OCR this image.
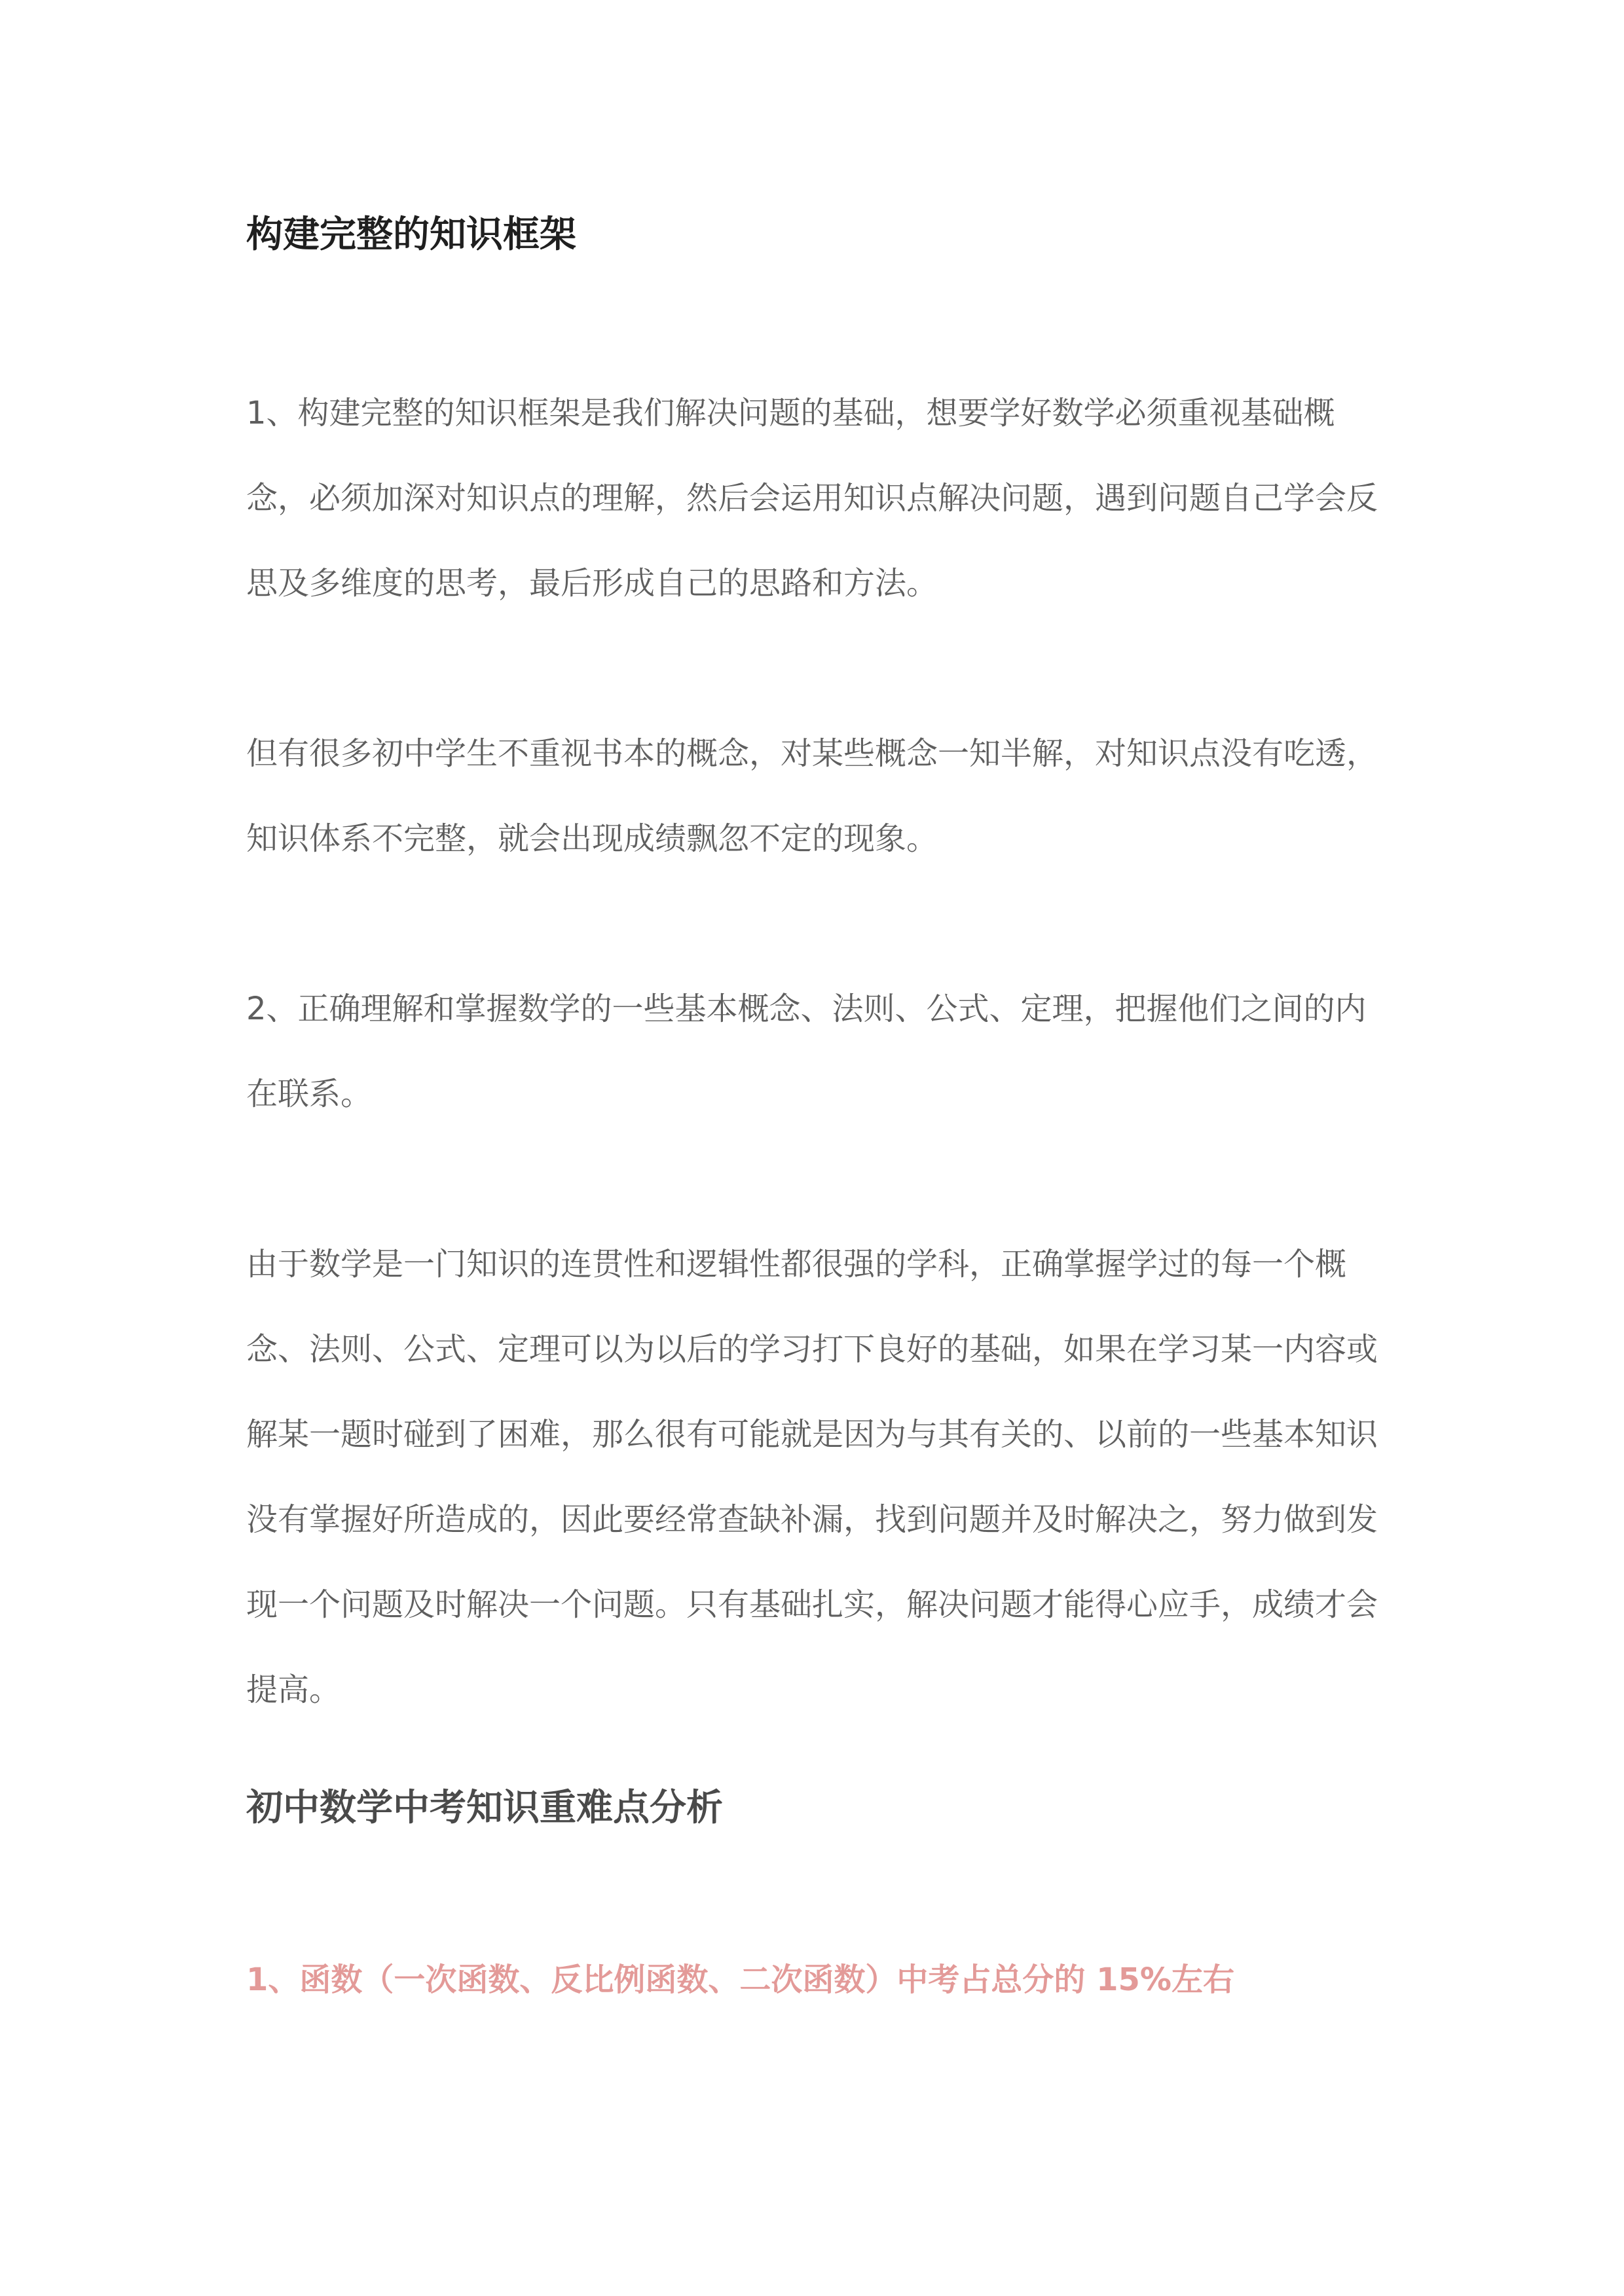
构建完整的知识框架

1、构建完整的知识框架是我们解决问题的基础，想要学好数学必须重视基础概念，必须加深对知识点的理解，然后会运用知识点解决问题，遇到问题自己学会反思及多维度的思考，最后形成自己的思路和方法。

但有很多初中学生不重视书本的概念，对某些概念一知半解，对知识点没有吃透，知识体系不完整，就会出现成绩飘忽不定的现象。

2、正确理解和掌握数学的一些基本概念、法则、公式、定理，把握他们之间的内在联系。

由于数学是一门知识的连贯性和逻辑性都很强的学科，正确掌握学过的每一个概念、法则、公式、定理可以为以后的学习打下良好的基础，如果在学习某一内容或解某一题时碰到了困难，那么很有可能就是因为与其有关的、以前的一些基本知识没有掌握好所造成的，因此要经常查缺补漏，找到问题并及时解决之，努力做到发现一个问题及时解决一个问题。只有基础扎实，解决问题才能得心应手，成绩才会提高。

初中数学中考知识重难点分析
1、函数（一次函数、反比例函数、二次函数）中考占总分的 15%左右
